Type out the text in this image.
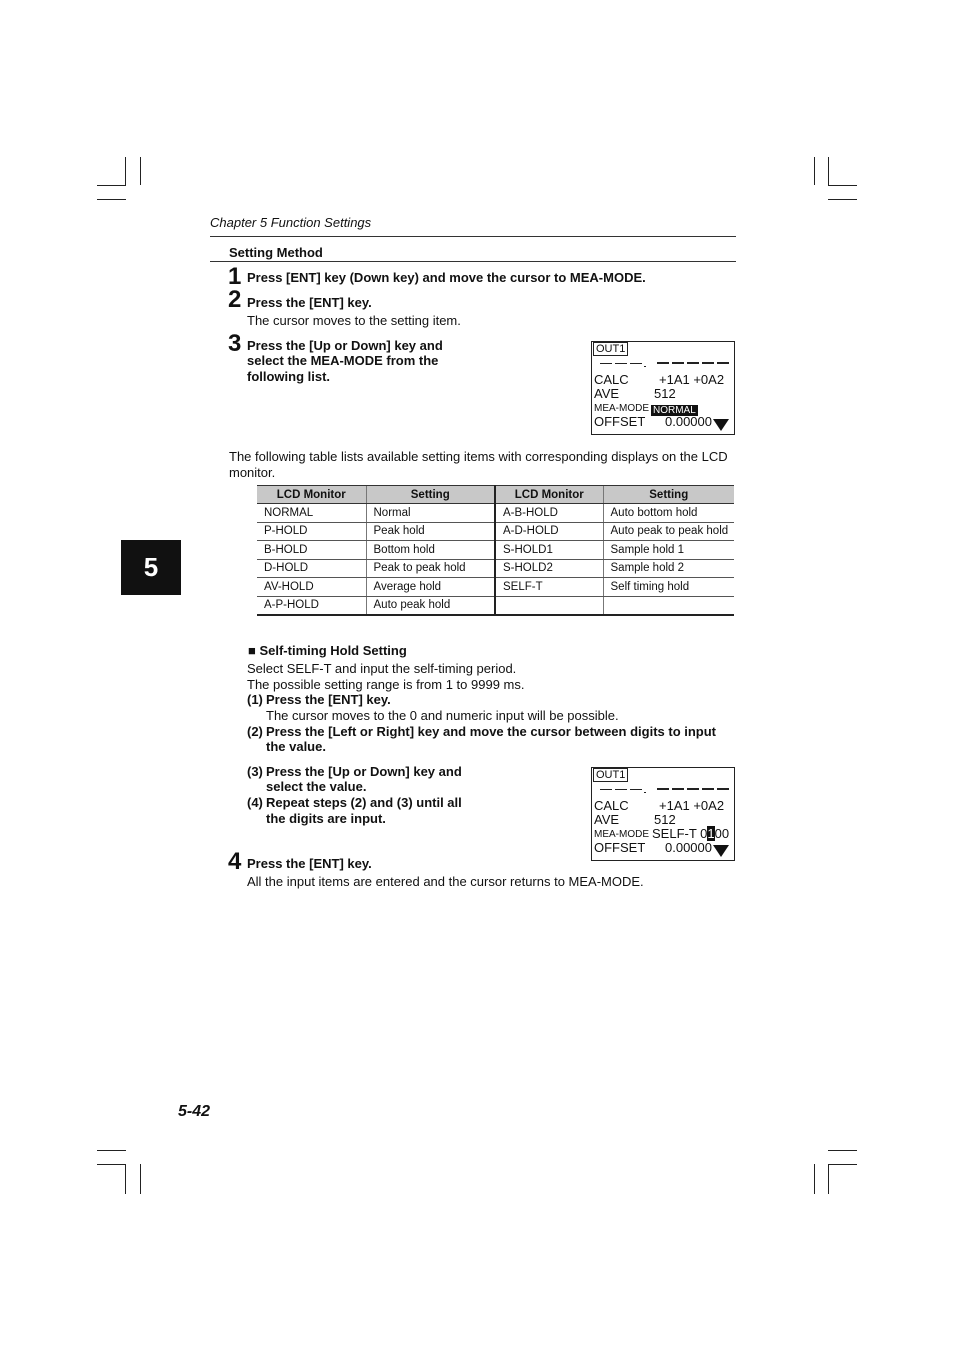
Chapter 5 Function Settings
Setting Method
1 Press [ENT] key (Down key) and move the cursor to MEA-MODE.
2 Press the [ENT] key.
The cursor moves to the setting item.
3 Press the [Up or Down] key and
select the MEA-MODE from the
following list.
OUT1
CALC +1A1 +0A2
AVE	512
MEA-MODE NORMAL
OFFSET 0.00000
The following table lists available setting items with corresponding displays on the LCD
monitor.
LCD Monitor	Setting	LCD Monitor	Setting
NORMAL	Normal	A-B-HOLD	Auto bottom hold
P-HOLD	Peak hold	A-D-HOLD	Auto peak to peak hold
B-HOLD	Bottom hold	S-HOLD1	Sample hold 1
D-HOLD	Peak to peak hold	S-HOLD2	Sample hold 2
AV-HOLD	Average hold	SELF-T	Self timing hold
A-P-HOLD	Auto peak hold		
5
■ Self-timing Hold Setting
Select SELF-T and input the self-timing period.
The possible setting range is from 1 to 9999 ms.
(1) Press the [ENT] key.
The cursor moves to the 0 and numeric input will be possible.
(2) Press the [Left or Right] key and move the cursor between digits to input
the value.
(3) Press the [Up or Down] key and
select the value.
(4) Repeat steps (2) and (3) until all
the digits are input.
OUT1
CALC +1A1 +0A2
AVE	512
MEA-MODE SELF-T 0100
OFFSET 0.00000
4 Press the [ENT] key.
All the input items are entered and the cursor returns to MEA-MODE.
5-42
